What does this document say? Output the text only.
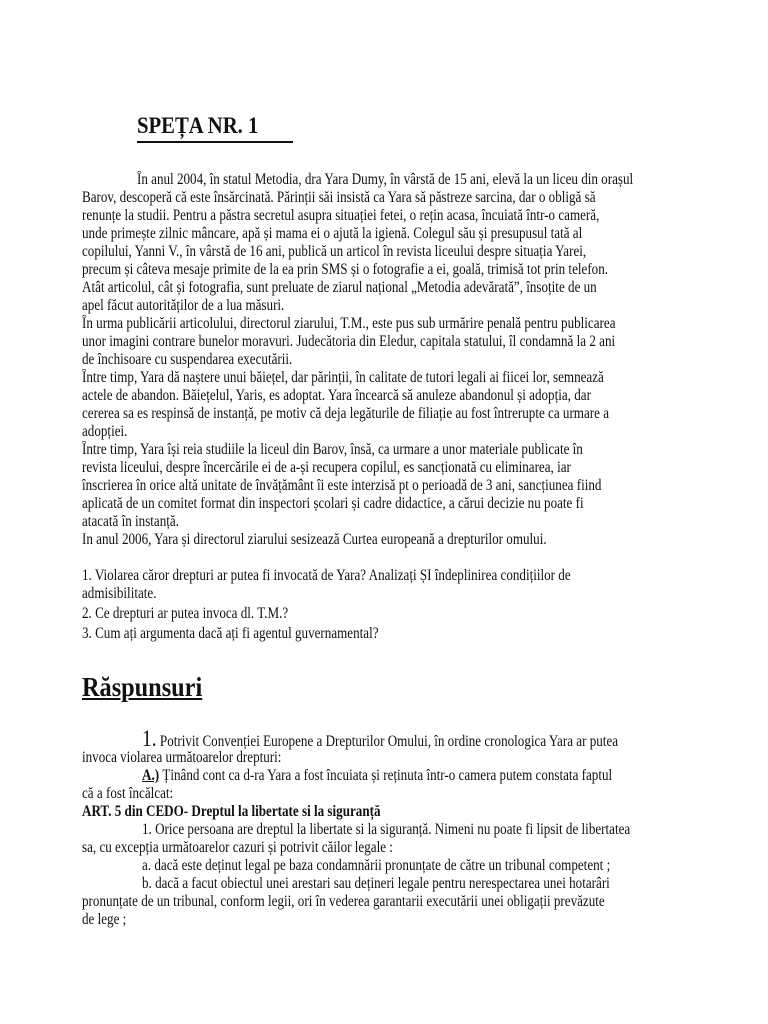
SPEȚA NR. 1
În anul 2004, în statul Metodia, dra Yara Dumy, în vârstă de 15 ani, elevă la un liceu din orașul
Barov, descoperă că este însărcinată. Părinții săi insistă ca Yara să păstreze sarcina, dar o obligă să
renunțe la studii. Pentru a păstra secretul asupra situației fetei, o rețin acasa, încuiată într-o cameră,
unde primește zilnic mâncare, apă și mama ei o ajută la igienă. Colegul său și presupusul tată al
copilului, Yanni V., în vârstă de 16 ani, publică un articol în revista liceului despre situația Yarei,
precum și câteva mesaje primite de la ea prin SMS și o fotografie a ei, goală, trimisă tot prin telefon.
Atât articolul, cât și fotografia, sunt preluate de ziarul național „Metodia adevărată”, însoțite de un
apel făcut autorităților de a lua măsuri.
În urma publicării articolului, directorul ziarului, T.M., este pus sub urmărire penală pentru publicarea
unor imagini contrare bunelor moravuri. Judecătoria din Eledur, capitala statului, îl condamnă la 2 ani
de închisoare cu suspendarea executării.
Între timp, Yara dă naștere unui băiețel, dar părinții, în calitate de tutori legali ai fiicei lor, semnează
actele de abandon. Băiețelul, Yaris, es adoptat. Yara încearcă să anuleze abandonul și adopția, dar
cererea sa es respinsă de instanță, pe motiv că deja legăturile de filiație au fost întrerupte ca urmare a
adopției.
Între timp, Yara își reia studiile la liceul din Barov, însă, ca urmare a unor materiale publicate în
revista liceului, despre încercările ei de a-și recupera copilul, es sancționată cu eliminarea, iar
înscrierea în orice altă unitate de învățământ îi este interzisă pt o perioadă de 3 ani, sancțiunea fiind
aplicată de un comitet format din inspectori școlari și cadre didactice, a cărui decizie nu poate fi
atacată în instanță.
In anul 2006, Yara și directorul ziarului sesizează Curtea europeană a drepturilor omului.
1. Violarea căror drepturi ar putea fi invocată de Yara? Analizați ȘI îndeplinirea condițiilor de
admisibilitate.
2. Ce drepturi ar putea invoca dl. T.M.?
3. Cum ați argumenta dacă ați fi agentul guvernamental?
Răspunsuri
1. Potrivit Convenției Europene a Drepturilor Omului, în ordine cronologica Yara ar putea
invoca violarea următoarelor drepturi:
A.) Ținând cont ca d-ra Yara a fost încuiata și reținuta într-o camera putem constata faptul
că a fost încălcat:
ART. 5 din CEDO- Dreptul la libertate si la siguranță
1. Orice persoana are dreptul la libertate si la siguranță. Nimeni nu poate fi lipsit de libertatea
sa, cu excepția următoarelor cazuri și potrivit căilor legale :
a. dacă este deținut legal pe baza condamnării pronunțate de către un tribunal competent ;
b. dacă a facut obiectul unei arestari sau dețineri legale pentru nerespectarea unei hotarâri
pronunțate de un tribunal, conform legii, ori în vederea garantarii executării unei obligații prevăzute
de lege ;
